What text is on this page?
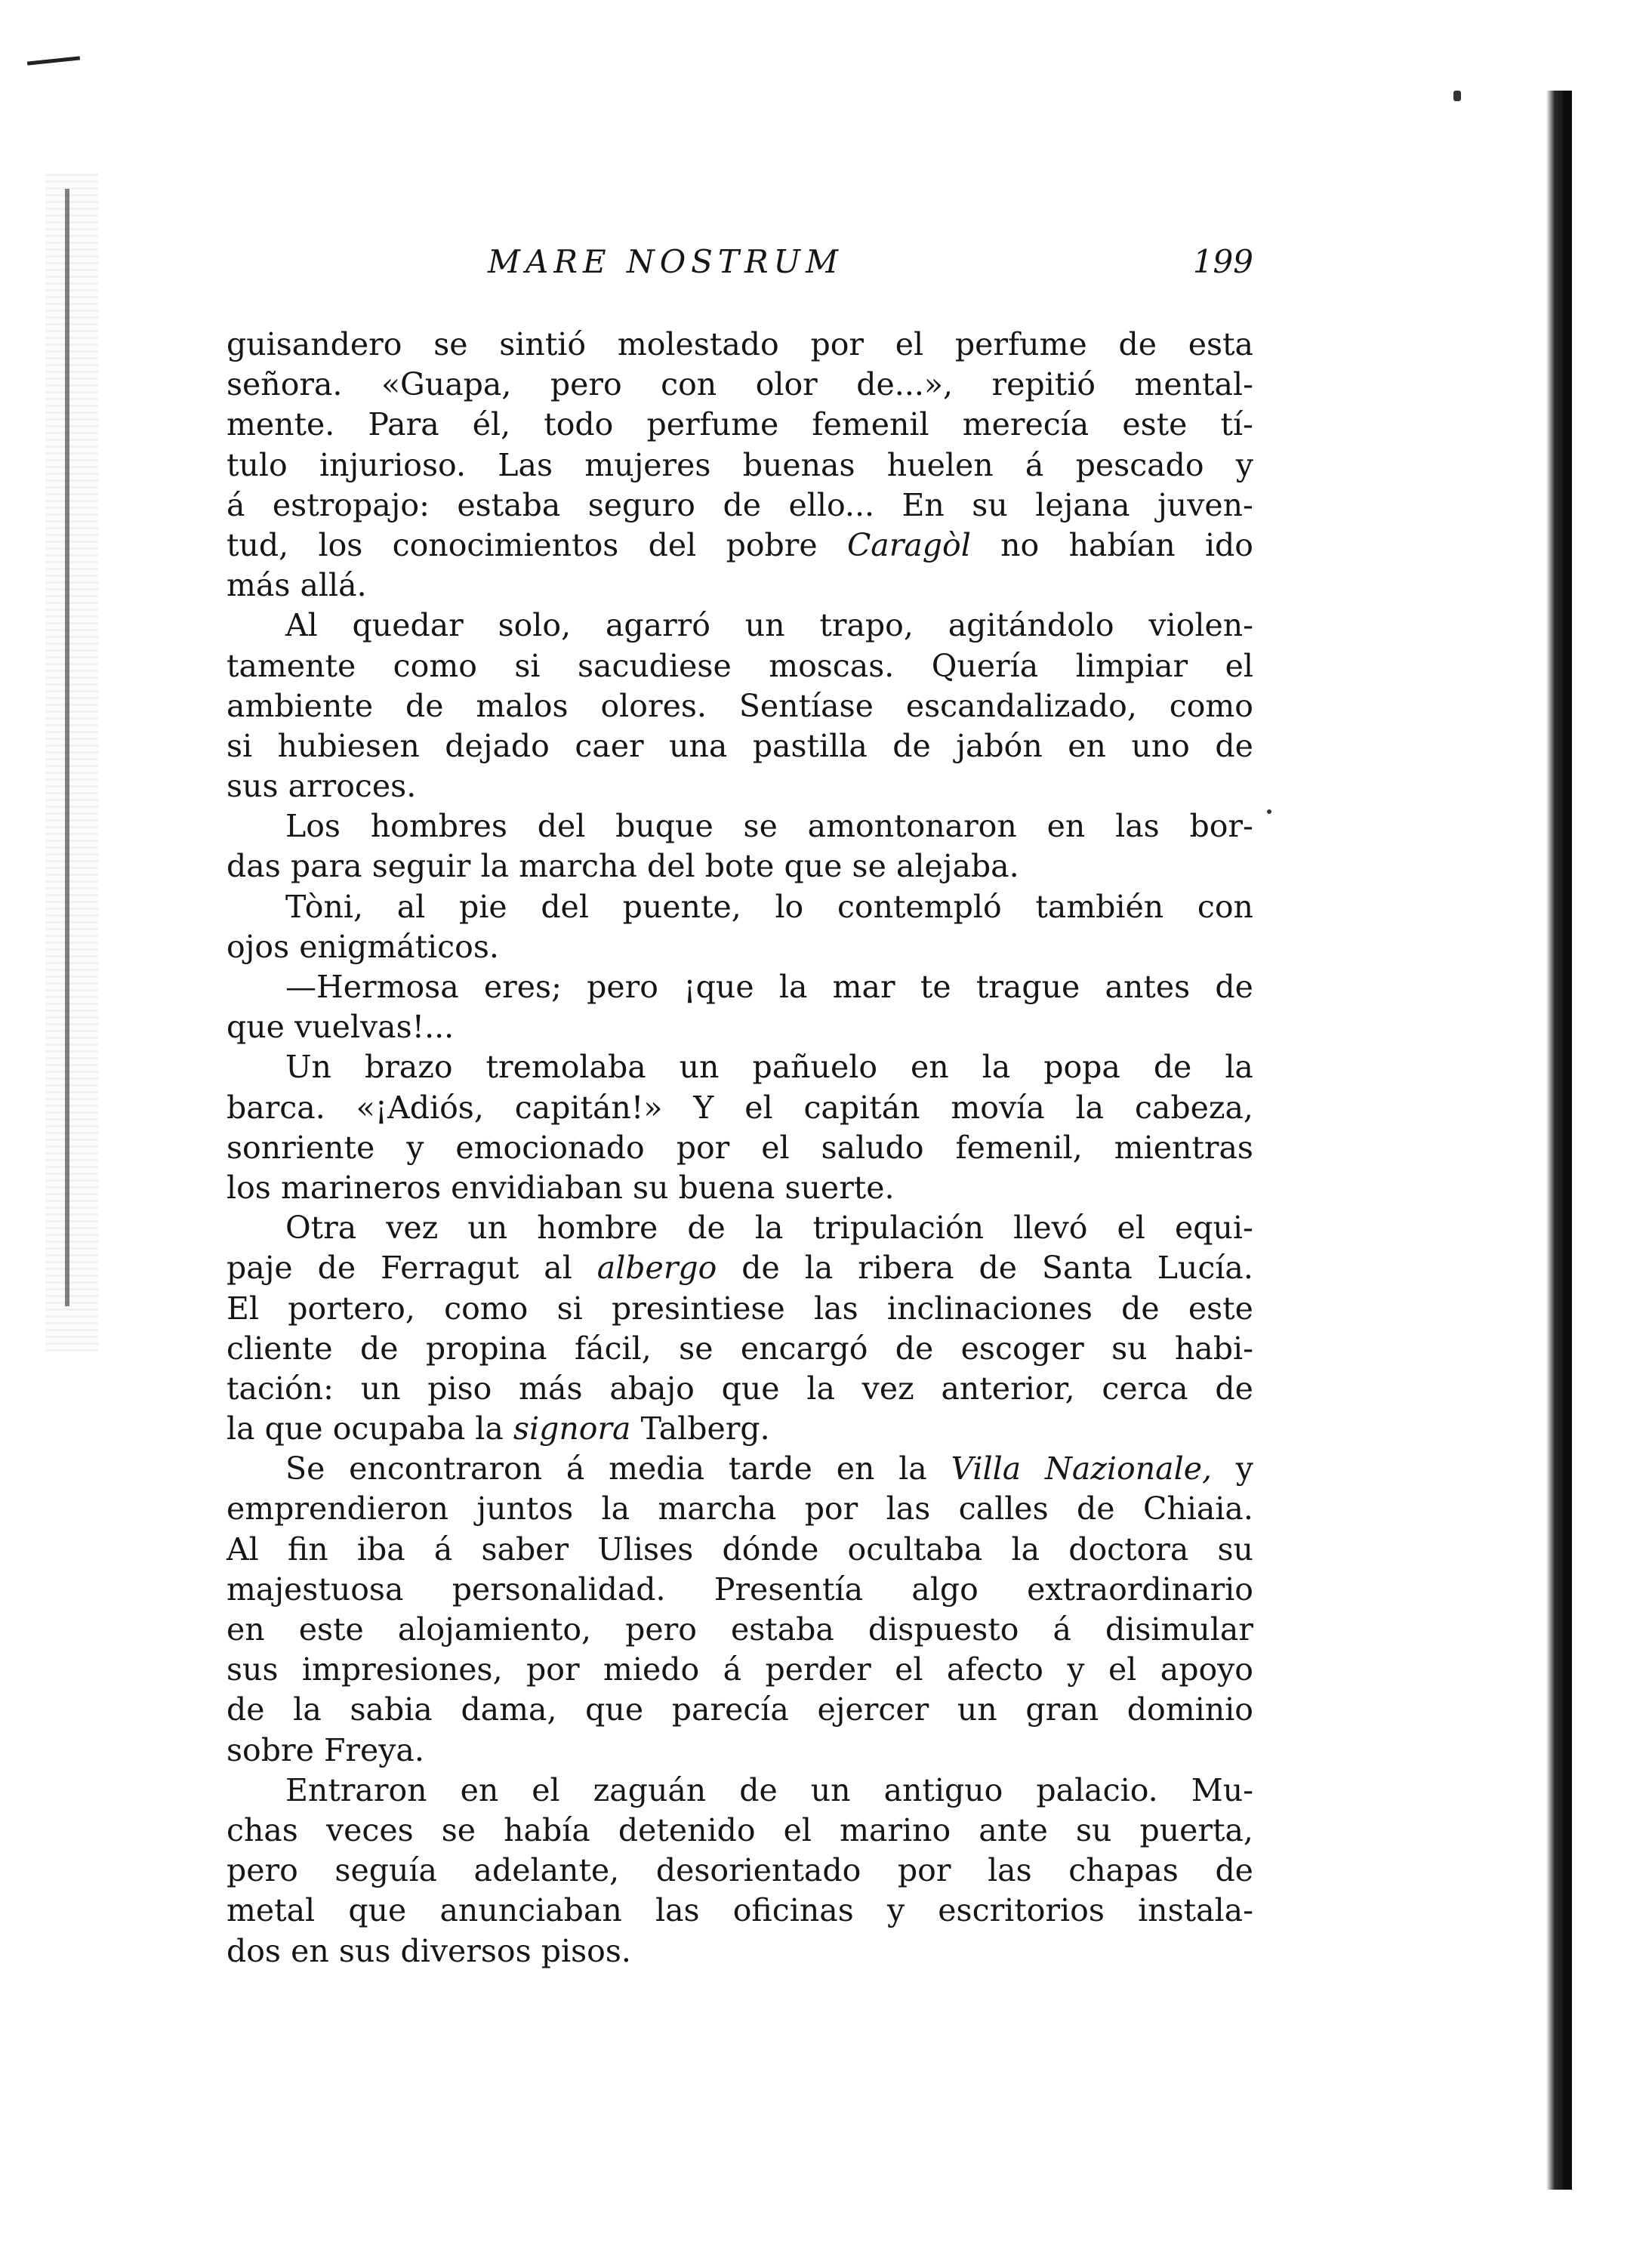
MARE NOSTRUM	199
guisandero se sintió molestado por el perfume de esta
señora. «Guapa, pero con olor de...», repitió mental-
mente. Para él, todo perfume femenil merecía este tí-
tulo injurioso. Las mujeres buenas huelen á pescado y
á estropajo: estaba seguro de ello... En su lejana juven-
tud, los conocimientos del pobre Caragòl no habían ido
más allá.
Al quedar solo, agarró un trapo, agitándolo violen-
tamente como si sacudiese moscas. Quería limpiar el
ambiente de malos olores. Sentíase escandalizado, como
si hubiesen dejado caer una pastilla de jabón en uno de
sus arroces.
Los hombres del buque se amontonaron en las bor-
das para seguir la marcha del bote que se alejaba.
Tòni, al pie del puente, lo contempló también con
ojos enigmáticos.
—Hermosa eres; pero ¡que la mar te trague antes de
que vuelvas!...
Un brazo tremolaba un pañuelo en la popa de la
barca. «¡Adiós, capitán!» Y el capitán movía la cabeza,
sonriente y emocionado por el saludo femenil, mientras
los marineros envidiaban su buena suerte.
Otra vez un hombre de la tripulación llevó el equi-
paje de Ferragut al albergo de la ribera de Santa Lucía.
El portero, como si presintiese las inclinaciones de este
cliente de propina fácil, se encargó de escoger su habi-
tación: un piso más abajo que la vez anterior, cerca de
la que ocupaba la signora Talberg.
Se encontraron á media tarde en la Villa Nazionale, y
emprendieron juntos la marcha por las calles de Chiaia.
Al fin iba á saber Ulises dónde ocultaba la doctora su
majestuosa personalidad. Presentía algo extraordinario
en este alojamiento, pero estaba dispuesto á disimular
sus impresiones, por miedo á perder el afecto y el apoyo
de la sabia dama, que parecía ejercer un gran dominio
sobre Freya.
Entraron en el zaguán de un antiguo palacio. Mu-
chas veces se había detenido el marino ante su puerta,
pero seguía adelante, desorientado por las chapas de
metal que anunciaban las oficinas y escritorios instala-
dos en sus diversos pisos.
